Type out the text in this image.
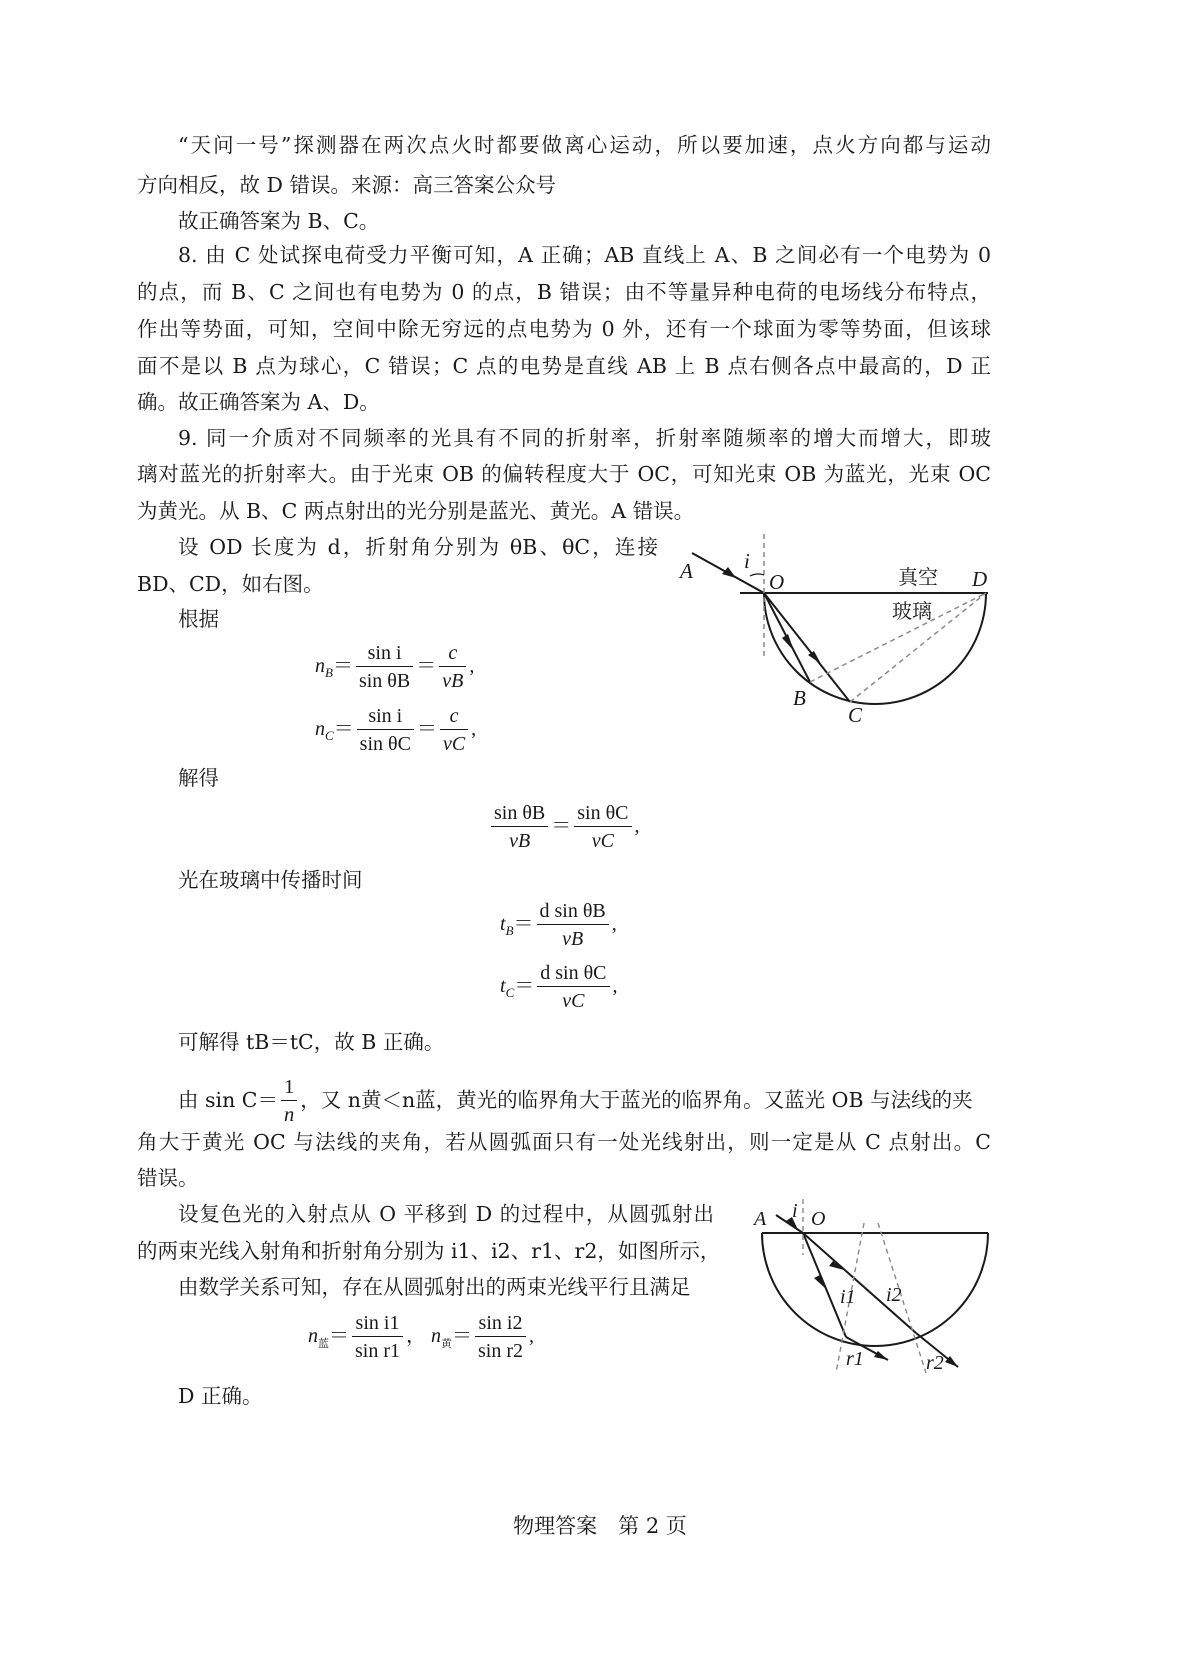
“天问一号”探测器在两次点火时都要做离心运动，所以要加速，点火方向都与运动
方向相反，故 D 错误。来源：高三答案公众号
故正确答案为 B、C。
8. 由 C 处试探电荷受力平衡可知，A 正确；AB 直线上 A、B 之间必有一个电势为 0
的点，而 B、C 之间也有电势为 0 的点，B 错误；由不等量异种电荷的电场线分布特点，
作出等势面，可知，空间中除无穷远的点电势为 0 外，还有一个球面为零等势面，但该球
面不是以 B 点为球心，C 错误；C 点的电势是直线 AB 上 B 点右侧各点中最高的，D 正
确。故正确答案为 A、D。
9. 同一介质对不同频率的光具有不同的折射率，折射率随频率的增大而增大，即玻
璃对蓝光的折射率大。由于光束 OB 的偏转程度大于 OC，可知光束 OB 为蓝光，光束 OC
为黄光。从 B、C 两点射出的光分别是蓝光、黄光。A 错误。
设 OD 长度为 d，折射角分别为 θB、θC，连接
BD、CD，如右图。
根据
$n_B= \frac{\text{sin i}}{\text{sin θB}} = \frac{c}{vB}$ ,
$n_C= \frac{\text{sin i}}{\text{sin θC}} = \frac{c}{vC}$ ,
解得
$\frac{\text{sin θB}}{vB} = \frac{\text{sin θC}}{vC}$ ,
光在玻璃中传播时间
$t_B= \frac{\text{d sin θB}}{vB}$ ,
$t_C= \frac{\text{d sin θC}}{vC}$ ,
可解得 tB＝tC，故 B 正确。
由 $\sin C= \frac{1}{n}$ ，又 n黄＜n蓝，黄光的临界角大于蓝光的临界角。又蓝光 OB 与法线的夹
角大于黄光 OC 与法线的夹角，若从圆弧面只有一处光线射出，则一定是从 C 点射出。C
错误。
设复色光的入射点从 O 平移到 D 的过程中，从圆弧射出
的两束光线入射角和折射角分别为 i1、i2、r1、r2，如图所示，
由数学关系可知，存在从圆弧射出的两束光线平行且满足
$n_蓝= \frac{\text{sin i1}}{\text{sin r1}}$ ， $n_黄= \frac{\text{sin i2}}{\text{sin r2}}$ ,
D 正确。
A i
O	D
B
C
真空
玻璃
A i O
i1 i2
r1	r2
物理答案　第 2 页
